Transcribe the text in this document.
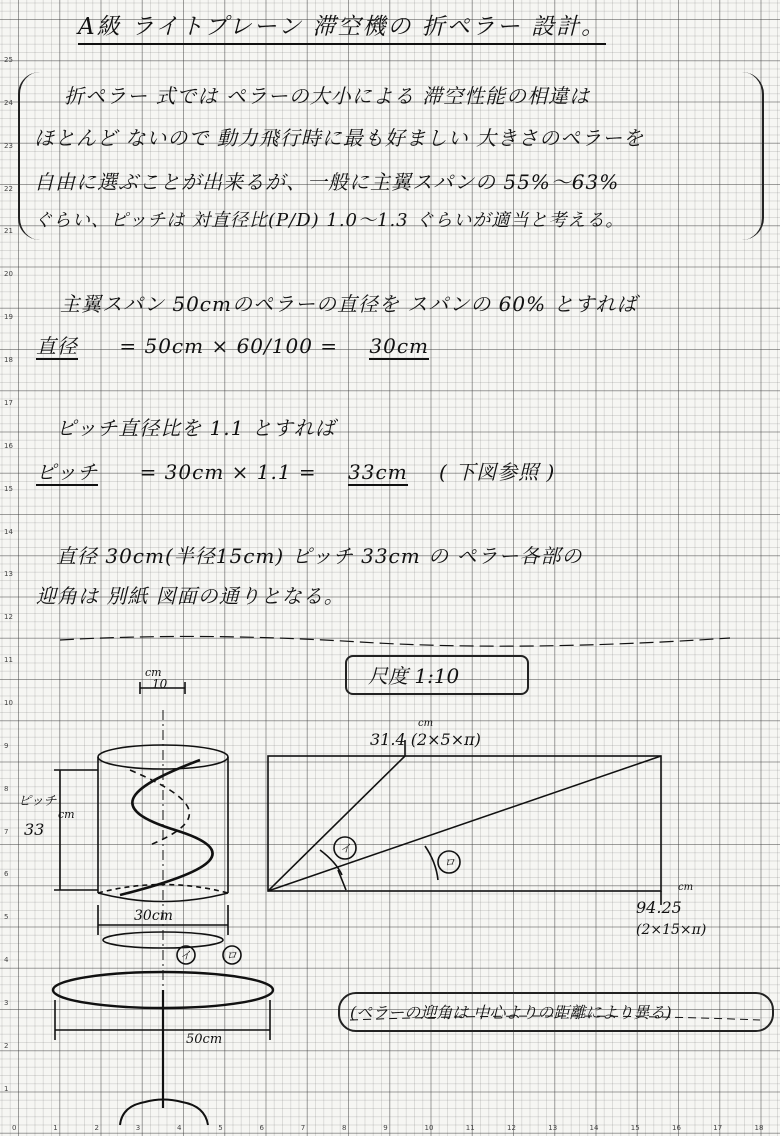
25
24
23
22
21
20
19
18
17
16
15
14
13
12
11
10
9
8
7
6
5
4
3
2
1
0	1	2	3	4	5	6	7	8	9	10	11	12	13	14	15	16	17	18
A級 ライトプレーン 滞空機の 折ペラー 設計。
折ペラー 式では ペラーの大小による 滞空性能の相違は
ほとんど ないので 動力飛行時に最も好ましい 大きさのペラーを
自由に選ぶことが出来るが、一般に主翼スパンの 55%〜63%
ぐらい、ピッチは 対直径比(P/D) 1.0〜1.3 ぐらいが適当と考える。
主翼スパン 50cmのペラーの直径を スパンの 60% とすれば
直径 = 50cm × 60/100 = 30cm
ピッチ直径比を 1.1 とすれば
ピッチ = 30cm × 1.1 = 33cm ( 下図参照 )
直径 30cm(半径15cm) ピッチ 33cm の ペラー各部の
迎角は 別紙 図面の通りとなる。
尺度 1:10
cm
10
ピッチ
33
cm
30cm
イ	ロ
イ
ロ
50cm
cm
31.4 (2×5×π)
cm
94.25
(2×15×π)
(ペラーの迎角は 中心よりの距離により異る)
